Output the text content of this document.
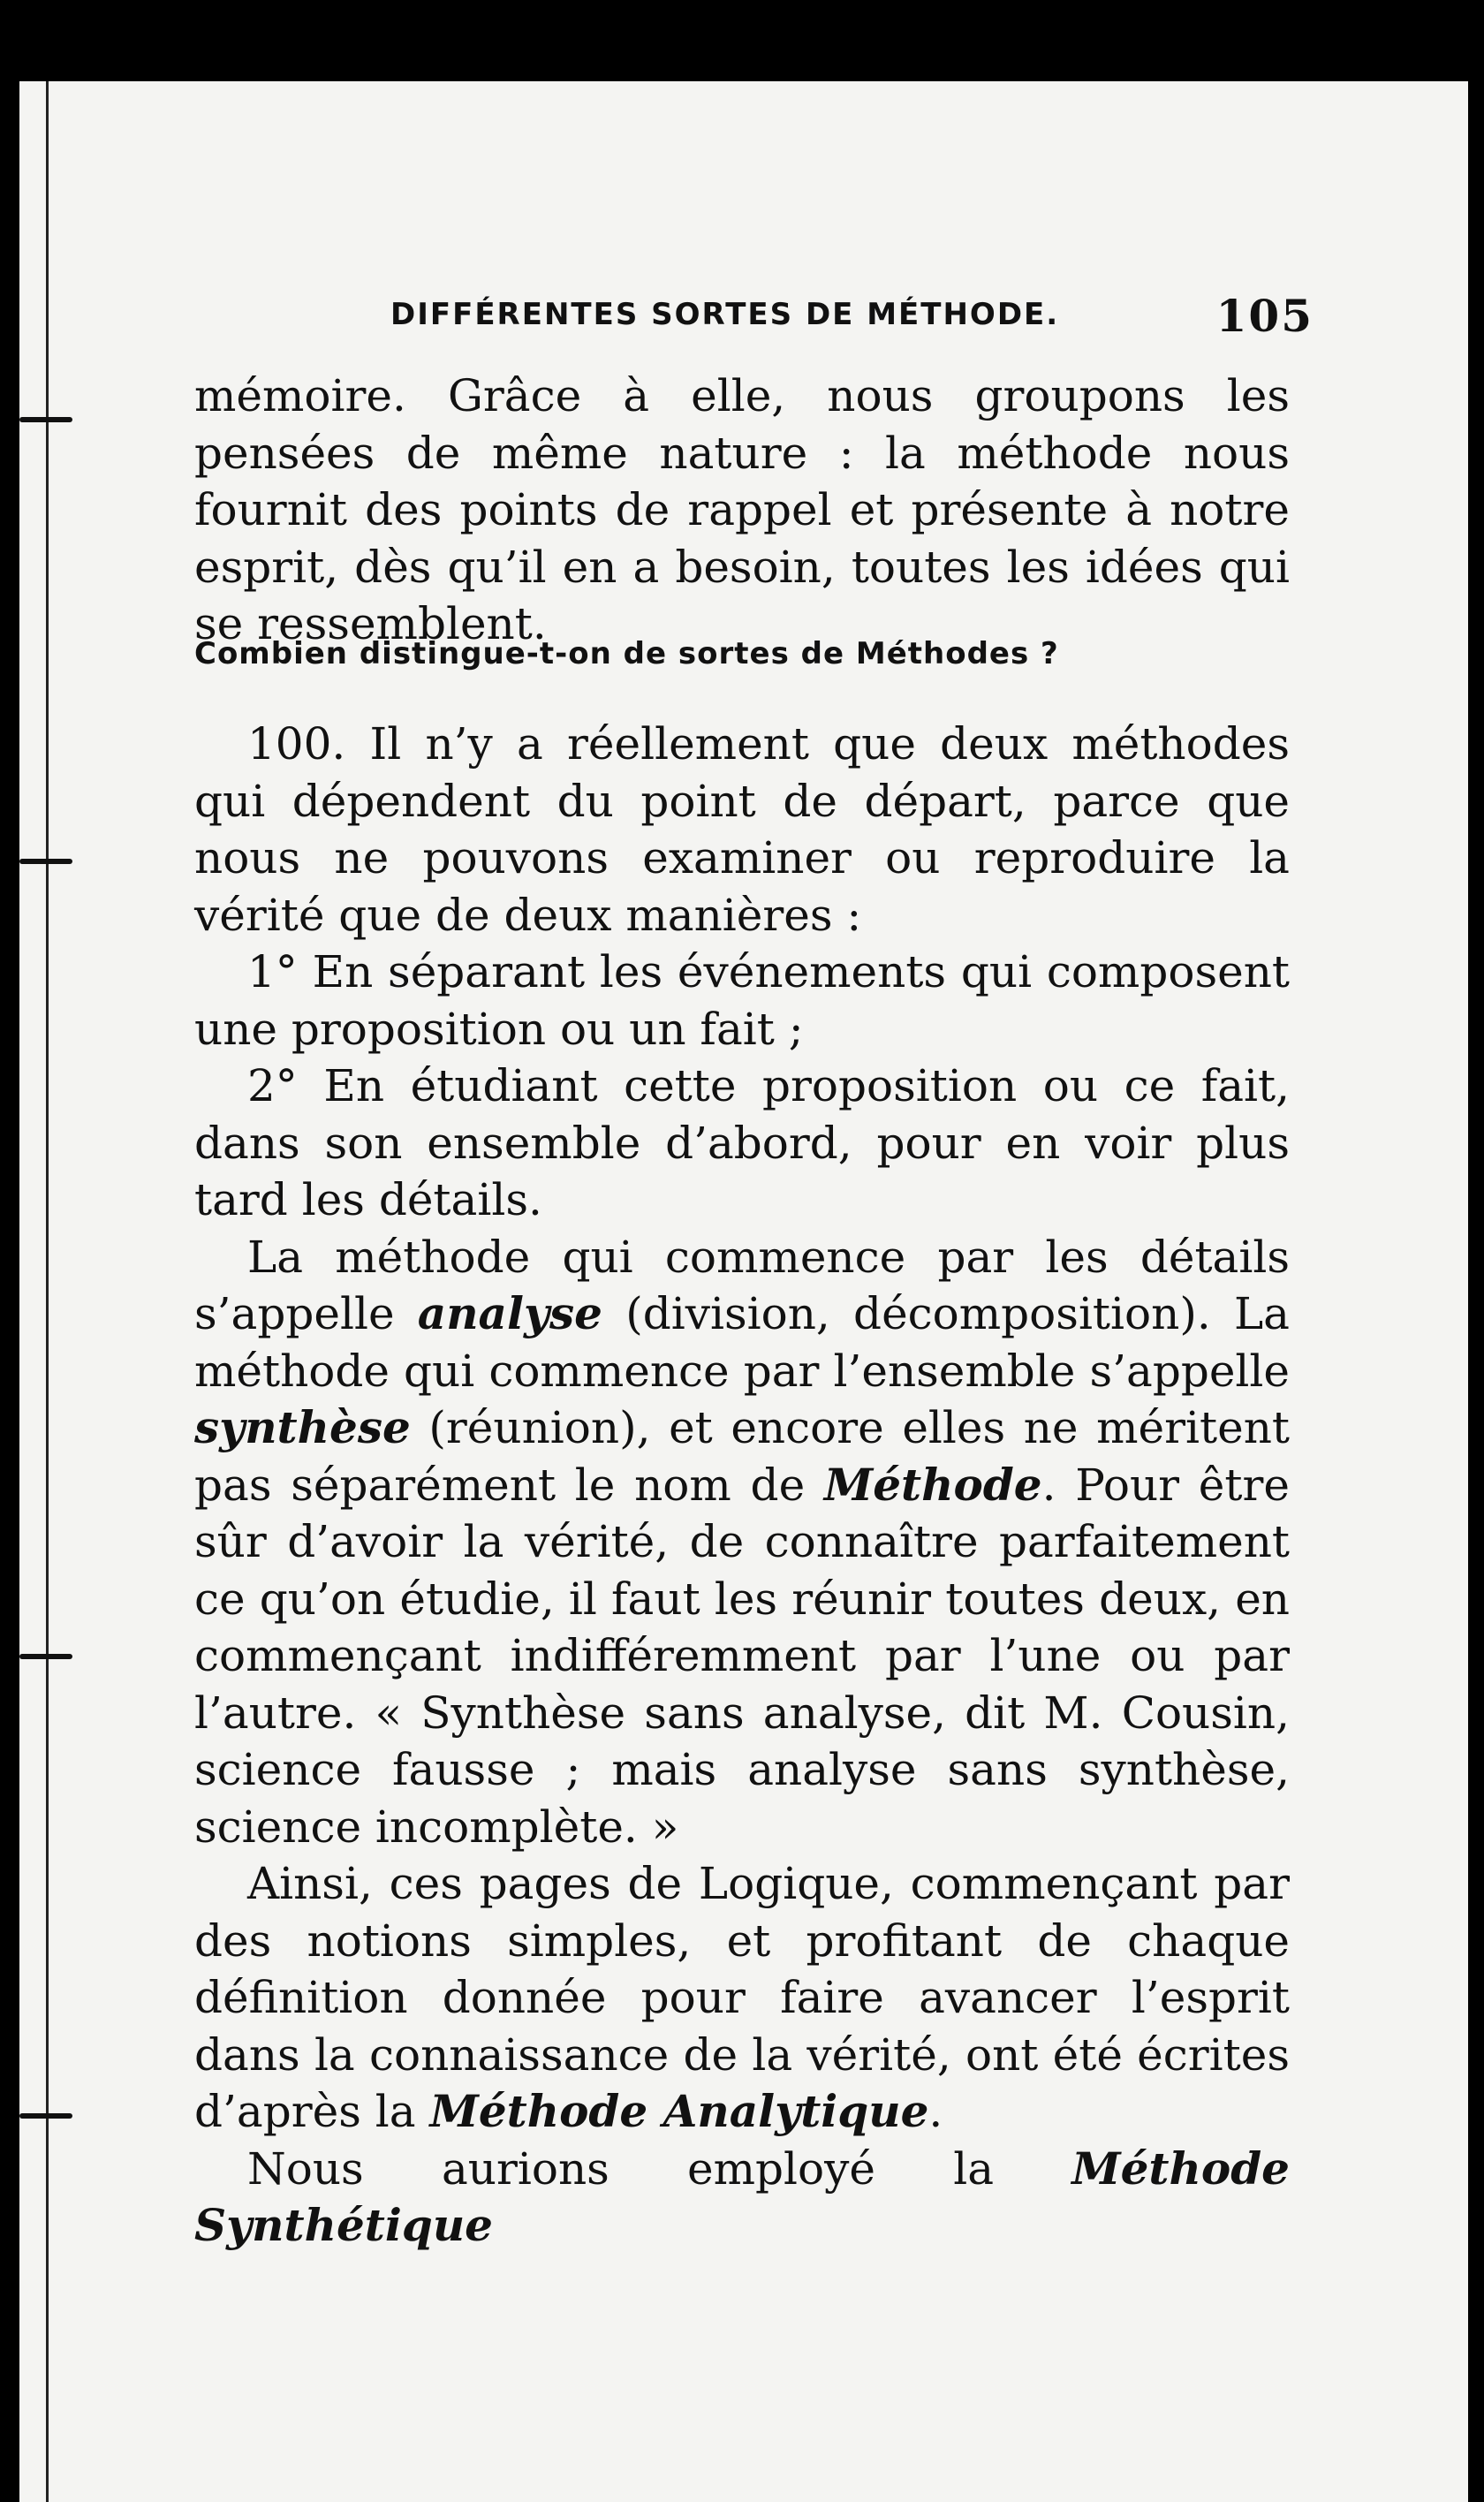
DIFFÉRENTES SORTES DE MÉTHODE.	105

mémoire. Grâce à elle, nous groupons les pensées de même nature : la méthode nous fournit des points de rappel et présente à notre esprit, dès qu’il en a besoin, toutes les idées qui se ressemblent.

Combien distingue-t-on de sortes de Méthodes ?

100. Il n’y a réellement que deux méthodes qui dépendent du point de départ, parce que nous ne pouvons examiner ou reproduire la vérité que de deux manières :

1° En séparant les événements qui composent une proposition ou un fait ;

2° En étudiant cette proposition ou ce fait, dans son ensemble d’abord, pour en voir plus tard les détails.

La méthode qui commence par les détails s’appelle analyse (division, décomposition). La méthode qui commence par l’ensemble s’appelle synthèse (réunion), et encore elles ne méritent pas séparément le nom de Méthode. Pour être sûr d’avoir la vérité, de connaître parfaitement ce qu’on étudie, il faut les réunir toutes deux, en commençant indifféremment par l’une ou par l’autre. « Synthèse sans analyse, dit M. Cousin, science fausse ; mais analyse sans synthèse, science incomplète. »

Ainsi, ces pages de Logique, commençant par des notions simples, et profitant de chaque définition donnée pour faire avancer l’esprit dans la connaissance de la vérité, ont été écrites d’après la Méthode Analytique.

Nous aurions employé la Méthode Synthétique
